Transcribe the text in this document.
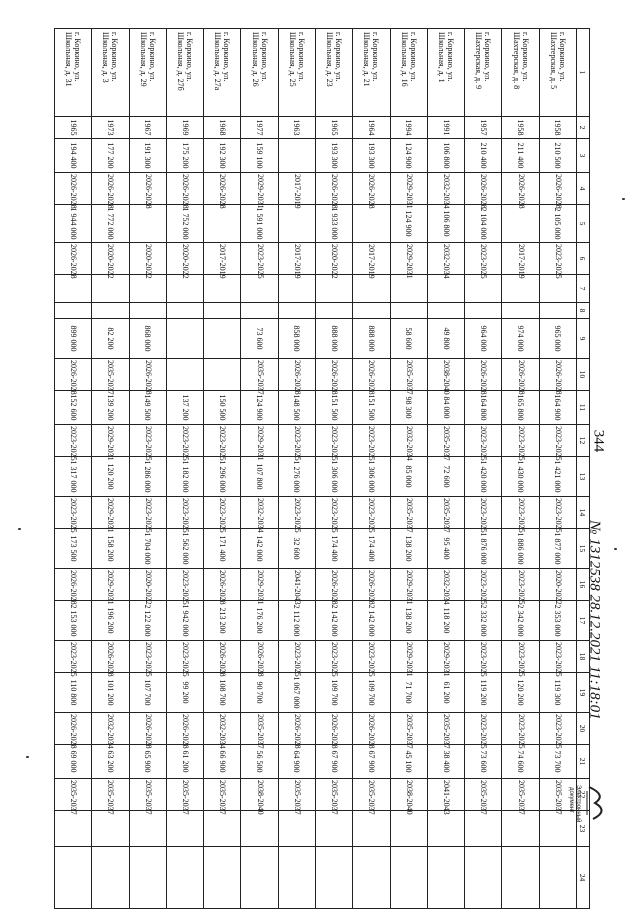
344
1	2	3	4	5	6	7	8	9	10	11	12	13	14	15	16	17	18	19	20	21	22	23	24
г. Коркино, ул. Шахтерская, д. 5	1958	210 500	2026-2028	2 105 000	2023-2025			965 000	2026-2028	164 900	2023-2025	1 421 000	2023-2025	1 877 000	2020-2022	2 353 000	2023-2025	119 300	2023-2025	73 700	2035-2037		

г. Коркино, ул. Шахтерская, д. 8	1958	211 400	2026-2028		2017-2019			974 000	2026-2028	165 800	2023-2025	1 430 000	2023-2025	1 886 000	2023-2025	2 342 000	2023-2025	120 200	2023-2025	74 600	2035-2037		

г. Коркино, ул. Шахтерская, д. 9	1957	210 400	2026-2028	2 104 000	2023-2025			964 000	2026-2028	164 800	2023-2025	1 420 000	2023-2025	1 876 000	2023-2025	2 332 000	2023-2025	119 200	2023-2025	73 600	2035-2037		

г. Коркино, ул. Школьная, д. 1	1991	106 800	2032-2034	106 800	2032-2034			49 800	2038-2040	84 000	2035-2037	72 600	2035-2037	95 400	2032-2034	118 200	2029-2031	61 200	2035-2037	38 400	2041-2043		

г. Коркино, ул. Школьная, д. 16	1994	124 900	2029-2031	124 900	2029-2031			58 600	2035-2037	98 300	2032-2034	85 000	2035-2037	138 200	2029-2031	138 200	2029-2031	71 700	2035-2037	45 100	2038-2040		

г. Коркино, ул. Школьная, д. 21	1964	193 300	2026-2028		2017-2019			888 000	2026-2028	151 500	2023-2025	1 306 000	2023-2025	174 400	2026-2028	2 142 000	2023-2025	109 700	2026-2028	67 900	2035-2037		

г. Коркино, ул. Школьная, д. 23	1965	193 300	2026-2028	1 933 000	2020-2022			888 000	2026-2028	151 500	2023-2025	1 306 000	2023-2025	174 400	2026-2028	2 142 000	2023-2025	109 700	2026-2028	67 900	2035-2037		

г. Коркино, ул. Школьная, д. 25	1963		2017-2019		2017-2019			858 000	2026-2028	148 500	2023-2025	1 276 000	2023-2025	32 600	2041-2043	2 112 000	2023-2025	1 067 000	2026-2028	64 900	2035-2037		

г. Коркино, ул. Школьная, д. 26	1977	159 100	2029-2031	1 591 000	2023-2025			73 600	2035-2037	124 900	2029-2031	107 800	2032-2034	142 000	2029-2031	176 200	2026-2028	90 700	2035-2037	56 500	2038-2040		

г. Коркино, ул. Школьная, д. 27а	1968	192 300	2026-2028		2017-2019					150 500	2023-2025	1 296 000	2023-2025	171 400	2026-2028	213 200	2026-2028	108 700	2032-2034	66 900	2035-2037		

г. Коркино, ул. Школьная, д. 27б	1969	175 200	2026-2028	1 752 000	2020-2022					137 200	2023-2025	1 182 000	2023-2025	1 562 000	2023-2025	1 942 000	2023-2025	99 200	2026-2028	61 200	2035-2037		

г. Коркино, ул. Школьная, д. 29	1967	191 300	2026-2028		2020-2022			868 000	2026-2028	149 500	2023-2025	1 286 000	2023-2025	1 704 000	2020-2022	2 122 000	2023-2025	107 700	2026-2028	65 900	2035-2037		

г. Коркино, ул. Школьная, д. 3	1973	177 200	2026-2028	1 772 000	2020-2022			82 200	2035-2037	139 200	2029-2031	120 200	2029-2031	158 200	2029-2031	196 200	2026-2028	101 200	2032-2034	63 200	2035-2037		

г. Коркино, ул. Школьная, д. 31	1965	194 400	2026-2028	1 944 000	2026-2028			899 000	2026-2028	152 600	2023-2025	1 317 000	2023-2025	173 500	2026-2028	2 153 000	2023-2025	110 800	2026-2028	69 000	2035-2037		

№ 1312538 28.12.2021 11:18:01
Электронный
документ
